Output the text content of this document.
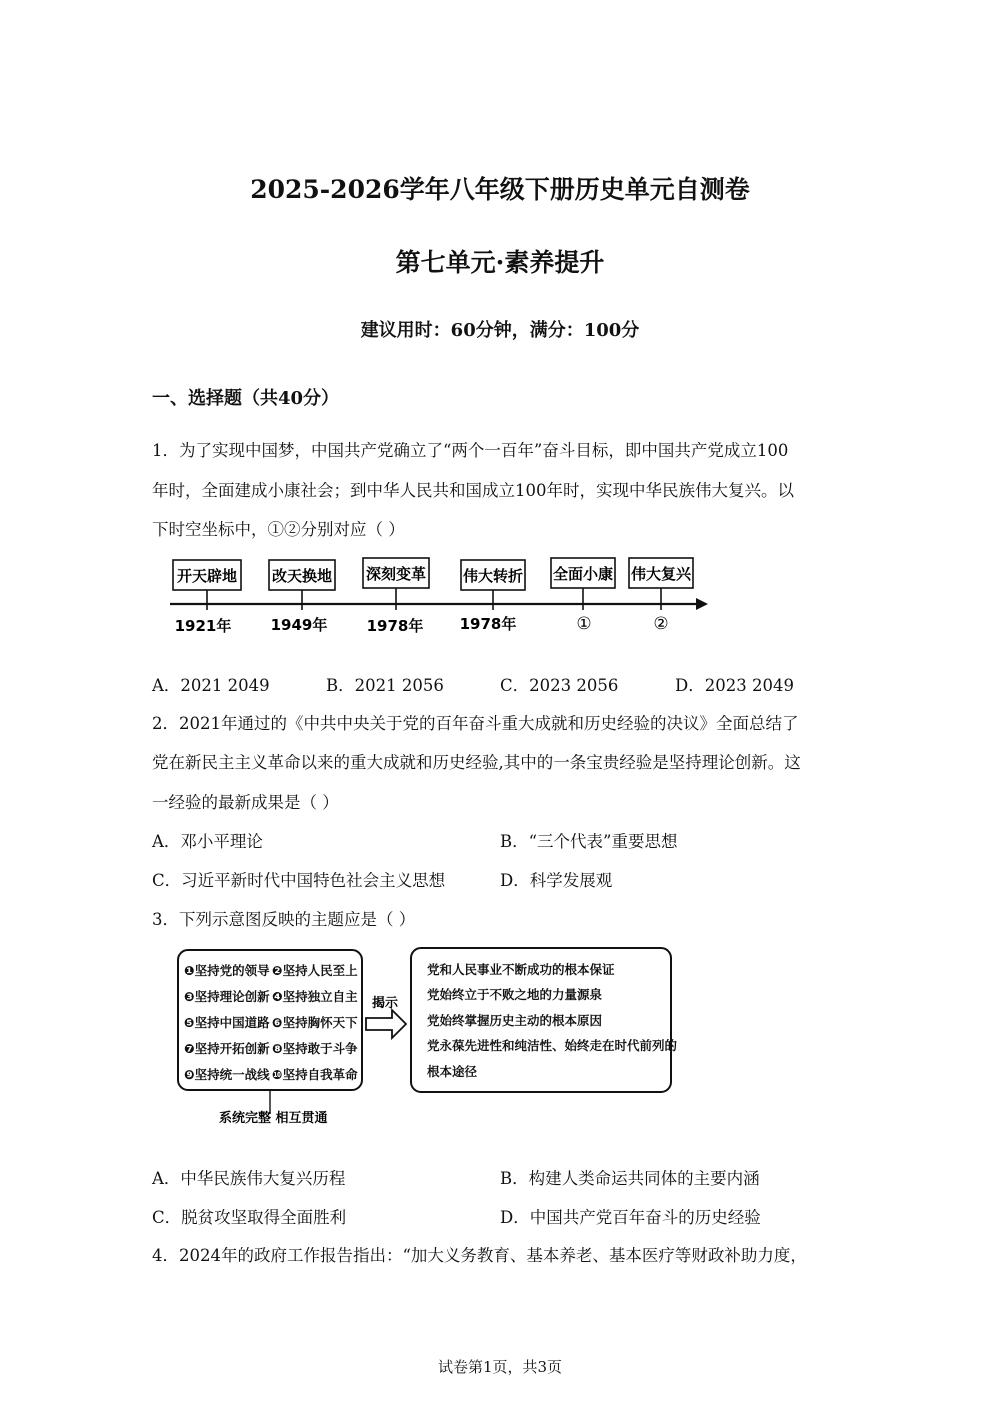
2025-2026学年八年级下册历史单元自测卷
第七单元·素养提升
建议用时：60分钟，满分：100分
一、选择题（共40分）
1．为了实现中国梦，中国共产党确立了“两个一百年”奋斗目标，即中国共产党成立100
年时，全面建成小康社会；到中华人民共和国成立100年时，实现中华民族伟大复兴。以
下时空坐标中，①②分别对应（ ）
开天辟地 改天换地 深刻变革 伟大转折 全面小康 伟大复兴
1921年	1949年	1978年 1978年	①	②
A．2021 2049	B．2021 2056	C．2023 2056	D．2023 2049
2．2021年通过的《中共中央关于党的百年奋斗重大成就和历史经验的决议》全面总结了
党在新民主主义革命以来的重大成就和历史经验,其中的一条宝贵经验是坚持理论创新。这
一经验的最新成果是（ ）
A．邓小平理论	B．“三个代表”重要思想
C．习近平新时代中国特色社会主义思想	D．科学发展观
3．下列示意图反映的主题应是（ ）
❶坚持党的领导
❸坚持理论创新
❺坚持中国道路
❼坚持开拓创新
❾坚持统一战线
❷坚持人民至上
❹坚持独立自主
❻坚持胸怀天下
❽坚持敢于斗争
❿坚持自我革命
揭示
党和人民事业不断成功的根本保证
党始终立于不败之地的力量源泉
党始终掌握历史主动的根本原因
党永葆先进性和纯洁性、始终走在时代前列的
根本途径
系统完整 相互贯通
A．中华民族伟大复兴历程	B．构建人类命运共同体的主要内涵
C．脱贫攻坚取得全面胜利	D．中国共产党百年奋斗的历史经验
4．2024年的政府工作报告指出：“加大义务教育、基本养老、基本医疗等财政补助力度，
试卷第1页，共3页
